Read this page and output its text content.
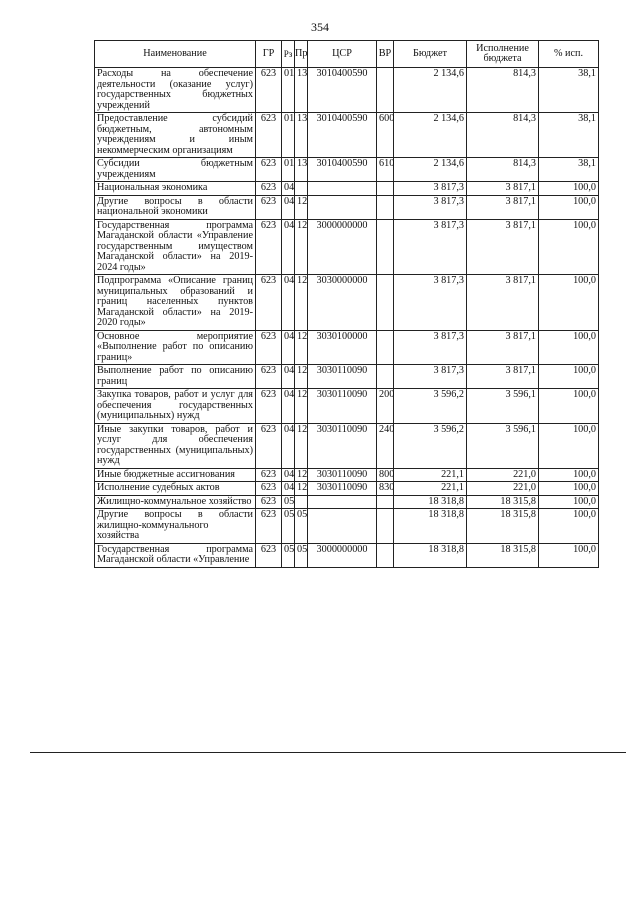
354
Наименование	ГР	Рз	Пр	ЦСР	ВР	Бюджет	Исполнение бюджета	% исп.
Расходы на обеспечение деятельности (оказание услуг) государственных бюджетных учреждений	623	01	13	3010400590		2 134,6	814,3	38,1
Предоставление субсидий бюджетным, автономным учреждениям и иным некоммерческим организациям	623	01	13	3010400590	600	2 134,6	814,3	38,1
Субсидии бюджетным учреждениям	623	01	13	3010400590	610	2 134,6	814,3	38,1
Национальная экономика	623	04				3 817,3	3 817,1	100,0
Другие вопросы в области национальной экономики	623	04	12			3 817,3	3 817,1	100,0
Государственная программа Магаданской области «Управление государственным имуществом Магаданской области» на 2019-2024 годы»	623	04	12	3000000000		3 817,3	3 817,1	100,0
Подпрограмма «Описание границ муниципальных образований и границ населенных пунктов Магаданской области» на 2019-2020 годы»	623	04	12	3030000000		3 817,3	3 817,1	100,0
Основное мероприятие «Выполнение работ по описанию границ»	623	04	12	3030100000		3 817,3	3 817,1	100,0
Выполнение работ по описанию границ	623	04	12	3030110090		3 817,3	3 817,1	100,0
Закупка товаров, работ и услуг для обеспечения государственных (муниципальных) нужд	623	04	12	3030110090	200	3 596,2	3 596,1	100,0
Иные закупки товаров, работ и услуг для обеспечения государственных (муниципальных) нужд	623	04	12	3030110090	240	3 596,2	3 596,1	100,0
Иные бюджетные ассигнования	623	04	12	3030110090	800	221,1	221,0	100,0
Исполнение судебных актов	623	04	12	3030110090	830	221,1	221,0	100,0
Жилищно-коммунальное хозяйство	623	05				18 318,8	18 315,8	100,0
Другие вопросы в области жилищно-коммунального хозяйства	623	05	05			18 318,8	18 315,8	100,0
Государственная программа Магаданской области «Управление	623	05	05	3000000000		18 318,8	18 315,8	100,0
